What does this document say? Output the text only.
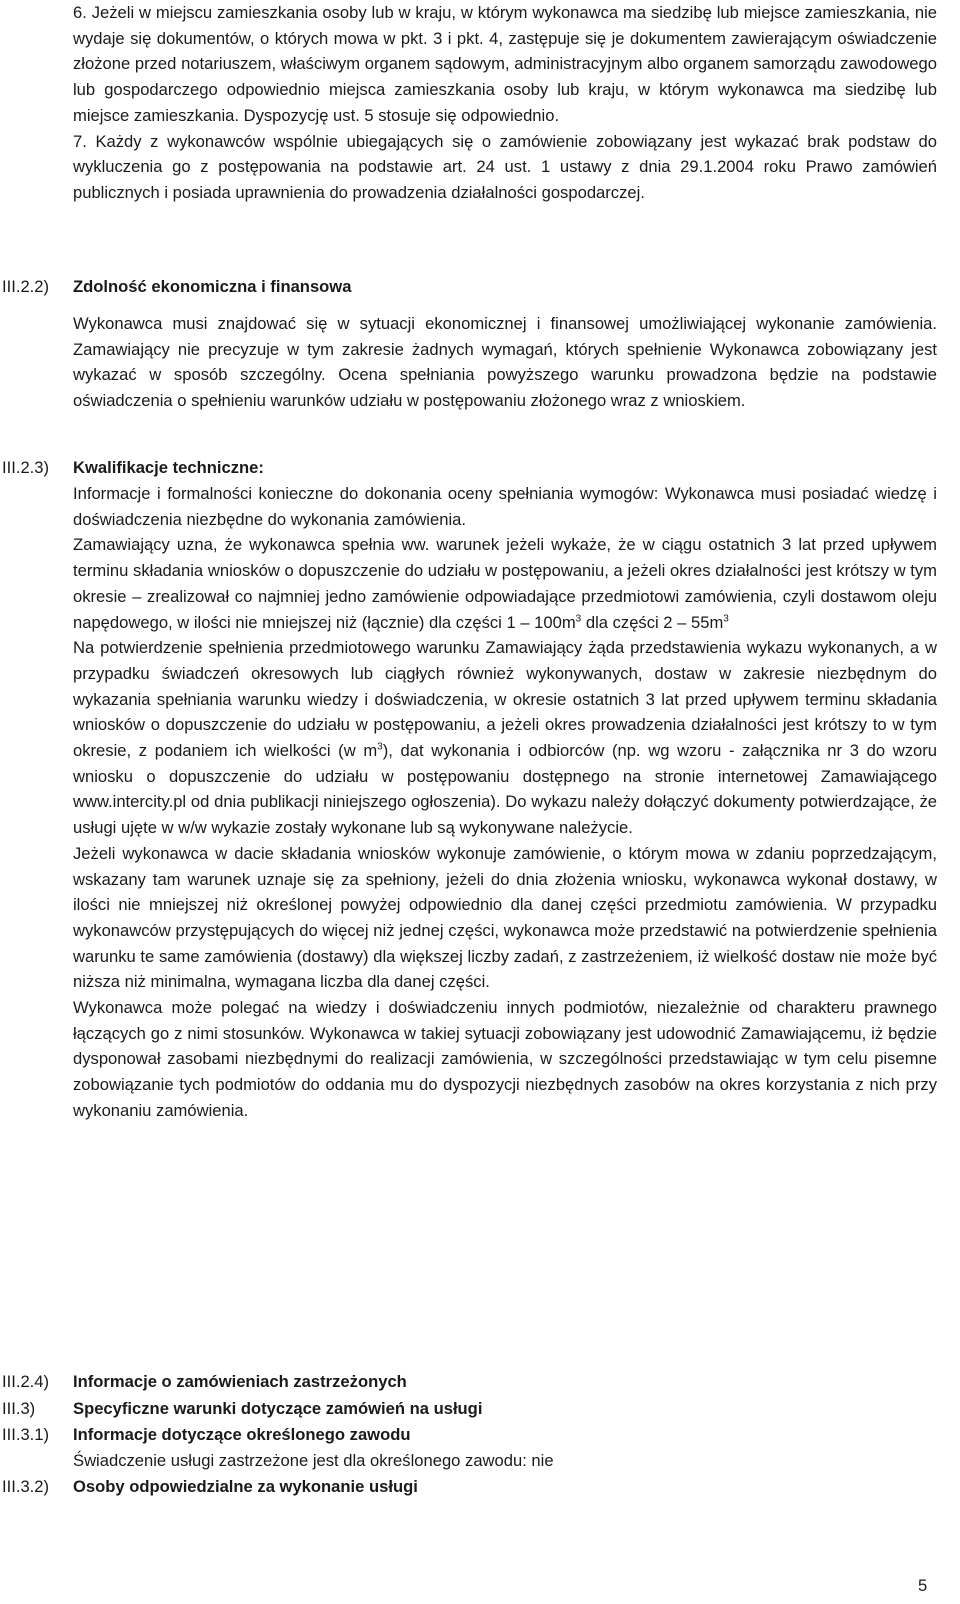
6. Jeżeli w miejscu zamieszkania osoby lub w kraju, w którym wykonawca ma siedzibę lub miejsce zamieszkania, nie wydaje się dokumentów, o których mowa w pkt. 3 i pkt. 4, zastępuje się je dokumentem zawierającym oświadczenie złożone przed notariuszem, właściwym organem sądowym, administracyjnym albo organem samorządu zawodowego lub gospodarczego odpowiednio miejsca zamieszkania osoby lub kraju, w którym wykonawca ma siedzibę lub miejsce zamieszkania. Dyspozycję ust. 5 stosuje się odpowiednio.

7. Każdy z wykonawców wspólnie ubiegających się o zamówienie zobowiązany jest wykazać brak podstaw do wykluczenia go z postępowania na podstawie art. 24 ust. 1 ustawy z dnia 29.1.2004 roku Prawo zamówień publicznych i posiada uprawnienia do prowadzenia działalności gospodarczej.

III.2.2) Zdolność ekonomiczna i finansowa

Wykonawca musi znajdować się w sytuacji ekonomicznej i finansowej umożliwiającej wykonanie zamówienia. Zamawiający nie precyzuje w tym zakresie żadnych wymagań, których spełnienie Wykonawca zobowiązany jest wykazać w sposób szczególny. Ocena spełniania powyższego warunku prowadzona będzie na podstawie oświadczenia o spełnieniu warunków udziału w postępowaniu złożonego wraz z wnioskiem.

III.2.3) Kwalifikacje techniczne:

Informacje i formalności konieczne do dokonania oceny spełniania wymogów: Wykonawca musi posiadać wiedzę i doświadczenia niezbędne do wykonania zamówienia.

Zamawiający uzna, że wykonawca spełnia ww. warunek jeżeli wykaże, że w ciągu ostatnich 3 lat przed upływem terminu składania wniosków o dopuszczenie do udziału w postępowaniu, a jeżeli okres działalności jest krótszy w tym okresie – zrealizował co najmniej jedno zamówienie odpowiadające przedmiotowi zamówienia, czyli dostawom oleju napędowego, w ilości nie mniejszej niż (łącznie) dla części $1 - 100m^3$ dla części $2 - 55m^3$

Na potwierdzenie spełnienia przedmiotowego warunku Zamawiający żąda przedstawienia wykazu wykonanych, a w przypadku świadczeń okresowych lub ciągłych również wykonywanych, dostaw w zakresie niezbędnym do wykazania spełniania warunku wiedzy i doświadczenia, w okresie ostatnich 3 lat przed upływem terminu składania wniosków o dopuszczenie do udziału w postępowaniu, a jeżeli okres prowadzenia działalności jest krótszy to w tym okresie, z podaniem ich wielkości (w $m^3$), dat wykonania i odbiorców (np. wg wzoru - załącznika nr 3 do wzoru wniosku o dopuszczenie do udziału w postępowaniu dostępnego na stronie internetowej Zamawiającego www.intercity.pl od dnia publikacji niniejszego ogłoszenia). Do wykazu należy dołączyć dokumenty potwierdzające, że usługi ujęte w w/w wykazie zostały wykonane lub są wykonywane należycie.

Jeżeli wykonawca w dacie składania wniosków wykonuje zamówienie, o którym mowa w zdaniu poprzedzającym, wskazany tam warunek uznaje się za spełniony, jeżeli do dnia złożenia wniosku, wykonawca wykonał dostawy, w ilości nie mniejszej niż określonej powyżej odpowiednio dla danej części przedmiotu zamówienia. W przypadku wykonawców przystępujących do więcej niż jednej części, wykonawca może przedstawić na potwierdzenie spełnienia warunku te same zamówienia (dostawy) dla większej liczby zadań, z zastrzeżeniem, iż wielkość dostaw nie może być niższa niż minimalna, wymagana liczba dla danej części.

Wykonawca może polegać na wiedzy i doświadczeniu innych podmiotów, niezależnie od charakteru prawnego łączących go z nimi stosunków. Wykonawca w takiej sytuacji zobowiązany jest udowodnić Zamawiającemu, iż będzie dysponował zasobami niezbędnymi do realizacji zamówienia, w szczególności przedstawiając w tym celu pisemne zobowiązanie tych podmiotów do oddania mu do dyspozycji niezbędnych zasobów na okres korzystania z nich przy wykonaniu zamówienia.

III.2.4) Informacje o zamówieniach zastrzeżonych
III.3) Specyficzne warunki dotyczące zamówień na usługi
III.3.1) Informacje dotyczące określonego zawodu
Świadczenie usługi zastrzeżone jest dla określonego zawodu: nie
III.3.2) Osoby odpowiedzialne za wykonanie usługi
5
